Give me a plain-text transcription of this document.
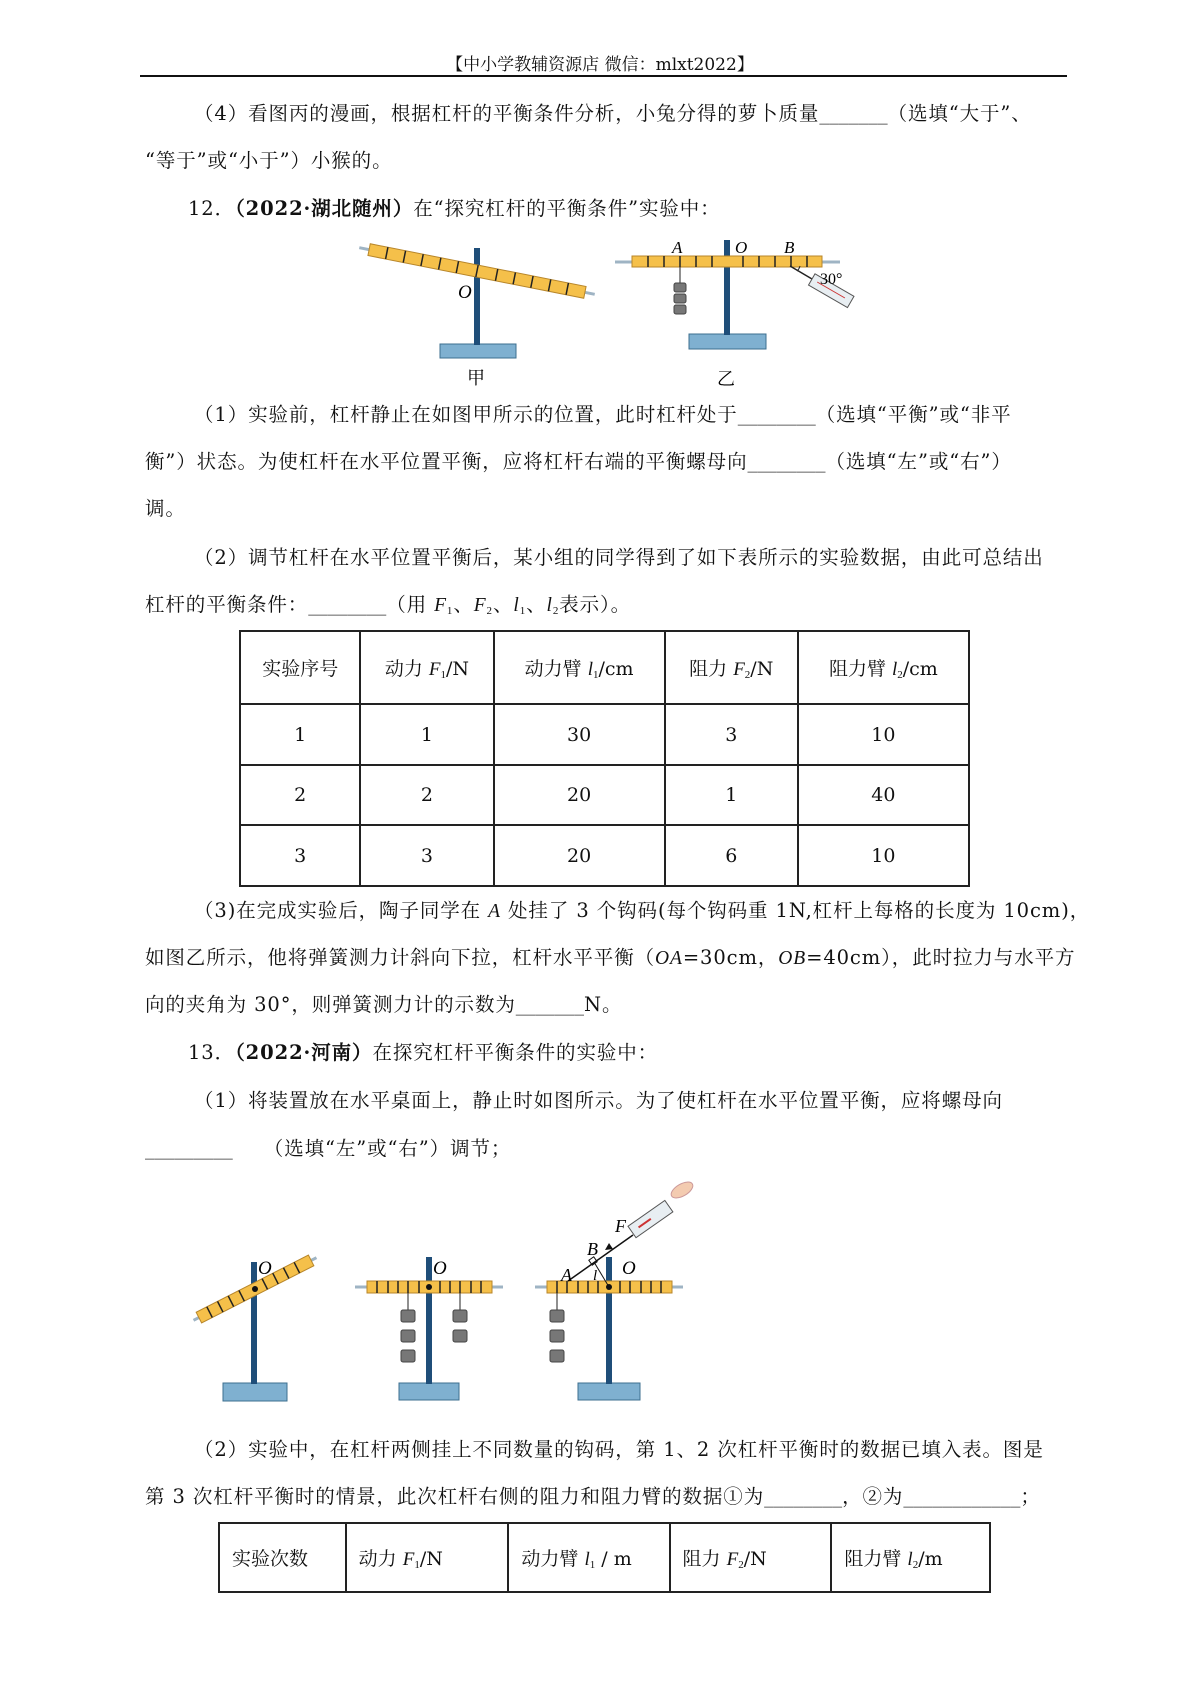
【中小学教辅资源店 微信：mlxt2022】
（4）看图丙的漫画，根据杠杆的平衡条件分析，小兔分得的萝卜质量_______（选填“大于”、
“等于”或“小于”）小猴的。
12．（2022·湖北随州）在“探究杠杆的平衡条件”实验中：
O
甲
A	O B
30°
乙
O	O	A
B
F
l O
（1）实验前，杠杆静止在如图甲所示的位置，此时杠杆处于________（选填“平衡”或“非平
衡”）状态。为使杠杆在水平位置平衡，应将杠杆右端的平衡螺母向________（选填“左”或“右”）
调。
（2）调节杠杆在水平位置平衡后，某小组的同学得到了如下表所示的实验数据，由此可总结出
杠杆的平衡条件：________（用 $F_1$、$F_2$、$l_1$、$l_2$表示）。
实验序号	动力 $F_1/N$	动力臂 $l_1/cm$	阻力 $F_2/N$	阻力臂 $l_2/cm$
1	1	30	3	10
2	2	20	1	40
3	3	20	6	10
（3)在完成实验后，陶子同学在 A 处挂了 3 个钩码(每个钩码重 1N,杠杆上每格的长度为 10cm)，
如图乙所示，他将弹簧测力计斜向下拉，杠杆水平平衡（OA=30cm，OB=40cm），此时拉力与水平方
向的夹角为 30°，则弹簧测力计的示数为_______N。
13．（2022·河南）在探究杠杆平衡条件的实验中：
（1）将装置放在水平桌面上，静止时如图所示。为了使杠杆在水平位置平衡，应将螺母向
_________　　（选填“左”或“右”）调节；
（2）实验中，在杠杆两侧挂上不同数量的钩码，第 1、2 次杠杆平衡时的数据已填入表。图是
第 3 次杠杆平衡时的情景，此次杠杆右侧的阻力和阻力臂的数据①为________，②为____________；
实验次数	动力 $F_1/N$	动力臂 $l_1$ / m	阻力 $F_2/N$	阻力臂 $l_2/m$
